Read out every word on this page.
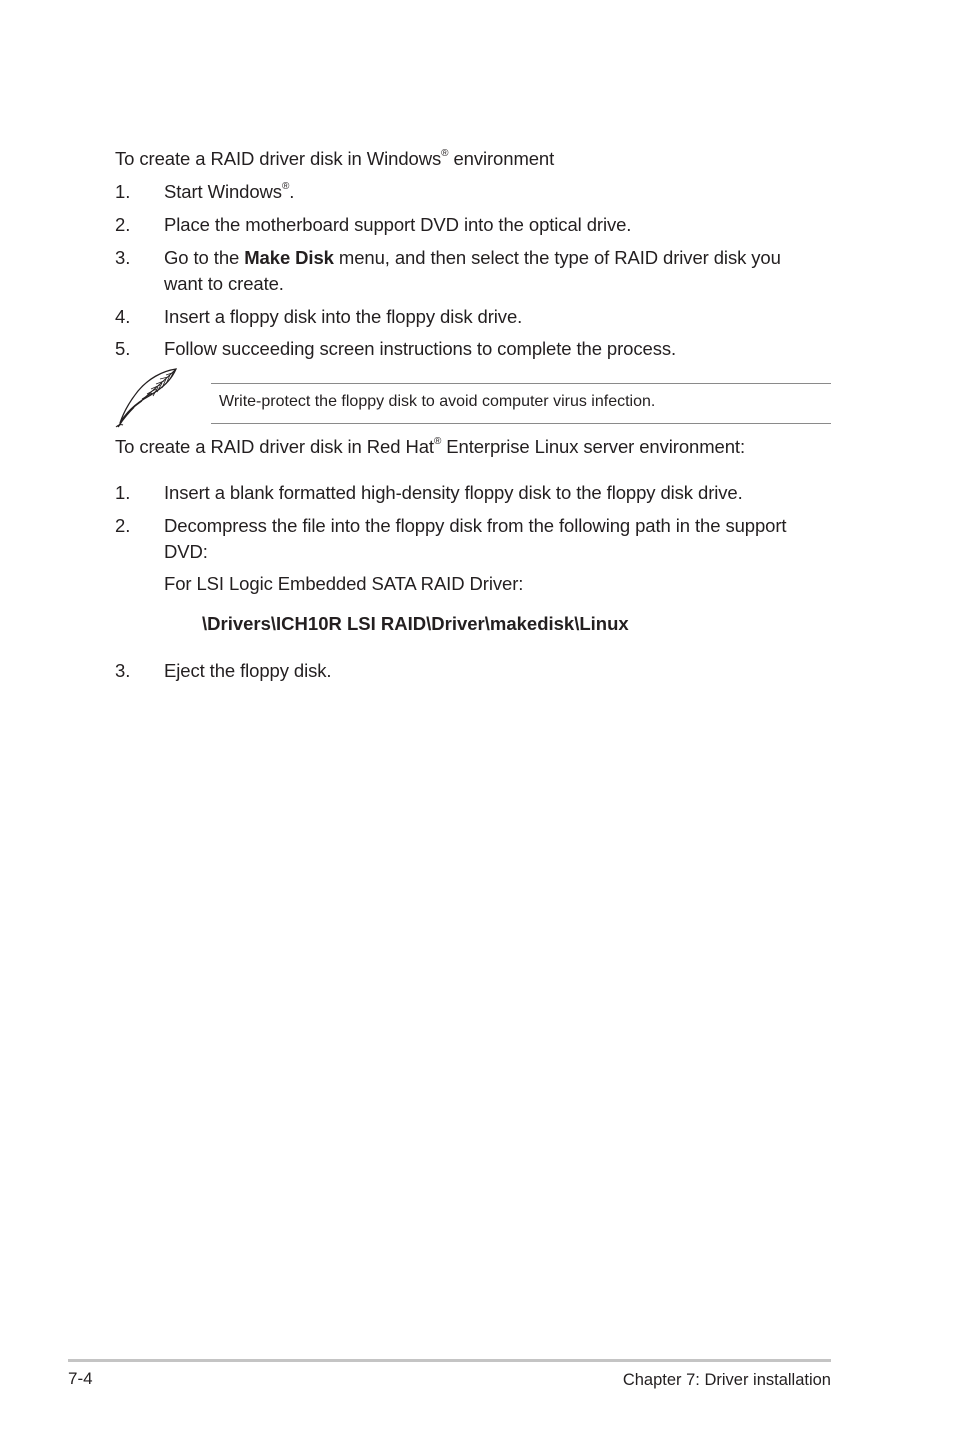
To create a RAID driver disk in Windows® environment
1. Start Windows®.
2. Place the motherboard support DVD into the optical drive.
3. Go to the Make Disk menu, and then select the type of RAID driver disk you
want to create.
4. Insert a floppy disk into the floppy disk drive.
5. Follow succeeding screen instructions to complete the process.
Write-protect the floppy disk to avoid computer virus infection.
To create a RAID driver disk in Red Hat® Enterprise Linux server environment:
1. Insert a blank formatted high-density floppy disk to the floppy disk drive.
2. Decompress the file into the floppy disk from the following path in the support
DVD:
For LSI Logic Embedded SATA RAID Driver:
\Drivers\ICH10R LSI RAID\Driver\makedisk\Linux
3. Eject the floppy disk.
7-4	Chapter 7: Driver installation
